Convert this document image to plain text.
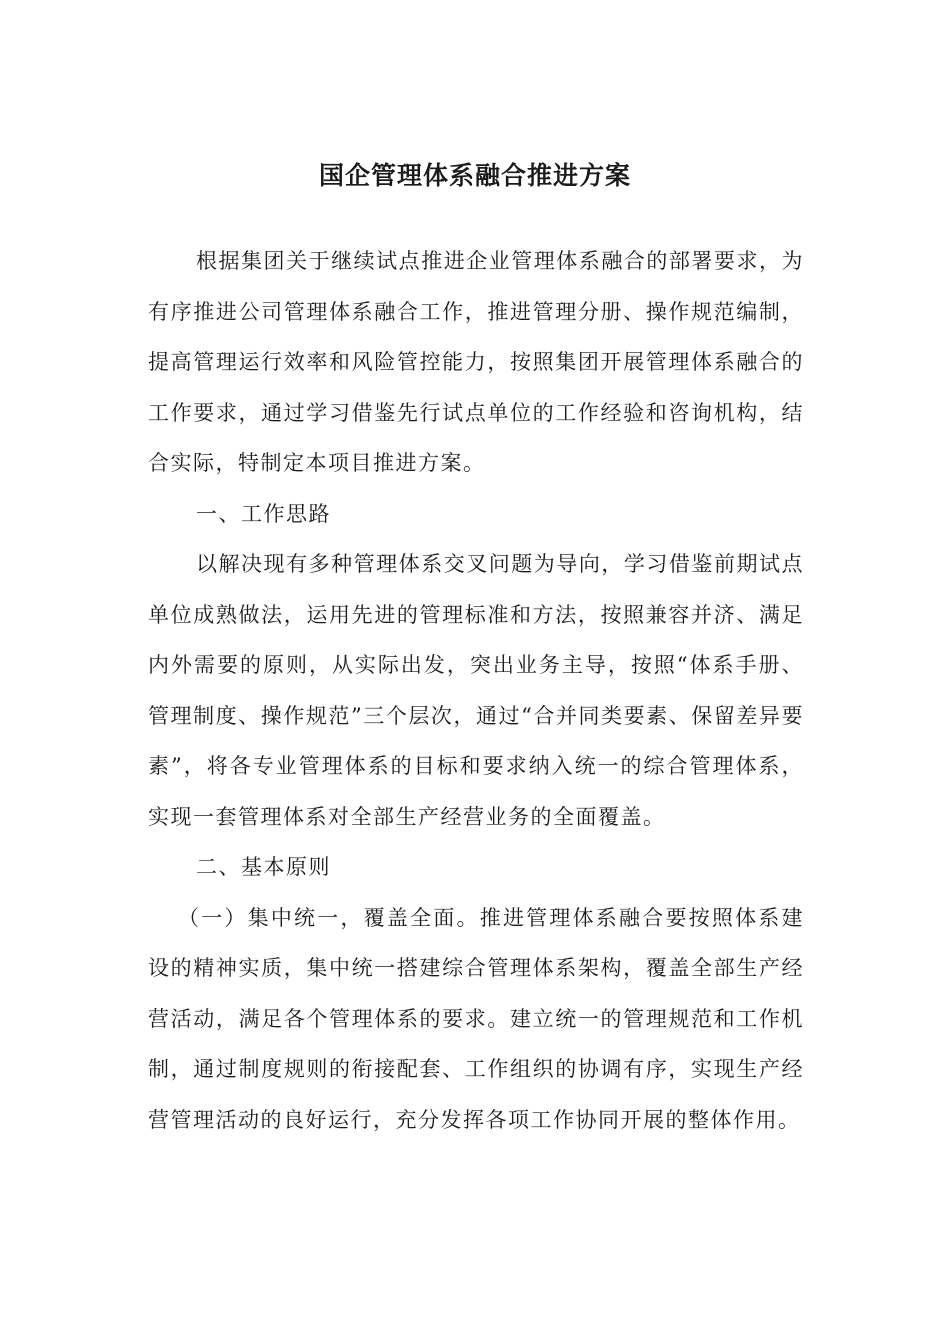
国企管理体系融合推进方案

根据集团关于继续试点推进企业管理体系融合的部署要求，为有序推进公司管理体系融合工作，推进管理分册、操作规范编制，提高管理运行效率和风险管控能力，按照集团开展管理体系融合的工作要求，通过学习借鉴先行试点单位的工作经验和咨询机构，结合实际，特制定本项目推进方案。

一、工作思路

以解决现有多种管理体系交叉问题为导向，学习借鉴前期试点单位成熟做法，运用先进的管理标准和方法，按照兼容并济、满足内外需要的原则，从实际出发，突出业务主导，按照“体系手册、管理制度、操作规范”三个层次，通过“合并同类要素、保留差异要素”，将各专业管理体系的目标和要求纳入统一的综合管理体系，实现一套管理体系对全部生产经营业务的全面覆盖。

二、基本原则

（一）集中统一，覆盖全面。推进管理体系融合要按照体系建设的精神实质，集中统一搭建综合管理体系架构，覆盖全部生产经营活动，满足各个管理体系的要求。建立统一的管理规范和工作机制，通过制度规则的衔接配套、工作组织的协调有序，实现生产经营管理活动的良好运行，充分发挥各项工作协同开展的整体作用。
